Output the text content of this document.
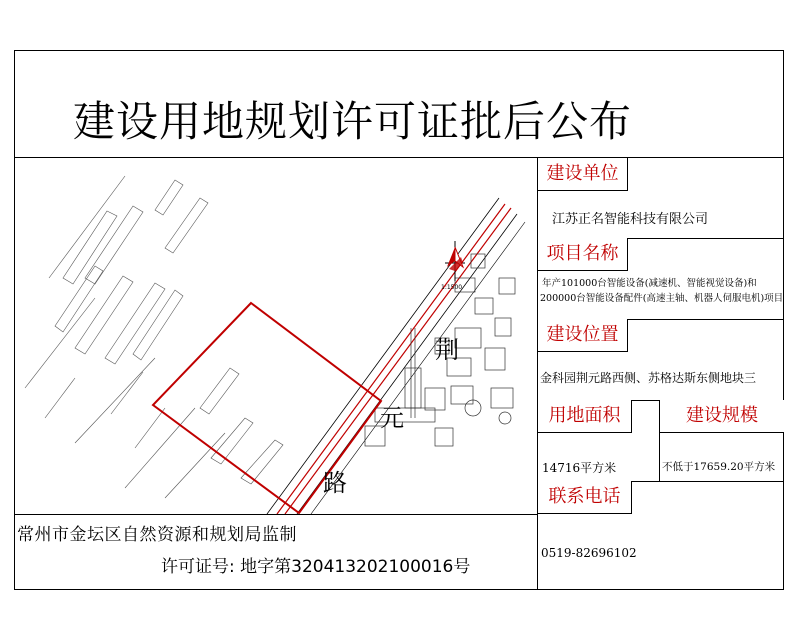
建设用地规划许可证批后公布
1:1500
荆
元
路
建设单位
江苏正名智能科技有限公司
项目名称
年产101000台智能设备(减速机、智能视觉设备)和
200000台智能设备配件(高速主轴、机器人伺服电机)项目
建设位置
金科园荆元路西侧、苏格达斯东侧地块三
用地面积
14716平方米
建设规模
不低于17659.20平方米
联系电话
0519-82696102
常州市金坛区自然资源和规划局监制
许可证号: 地字第320413202100016号
